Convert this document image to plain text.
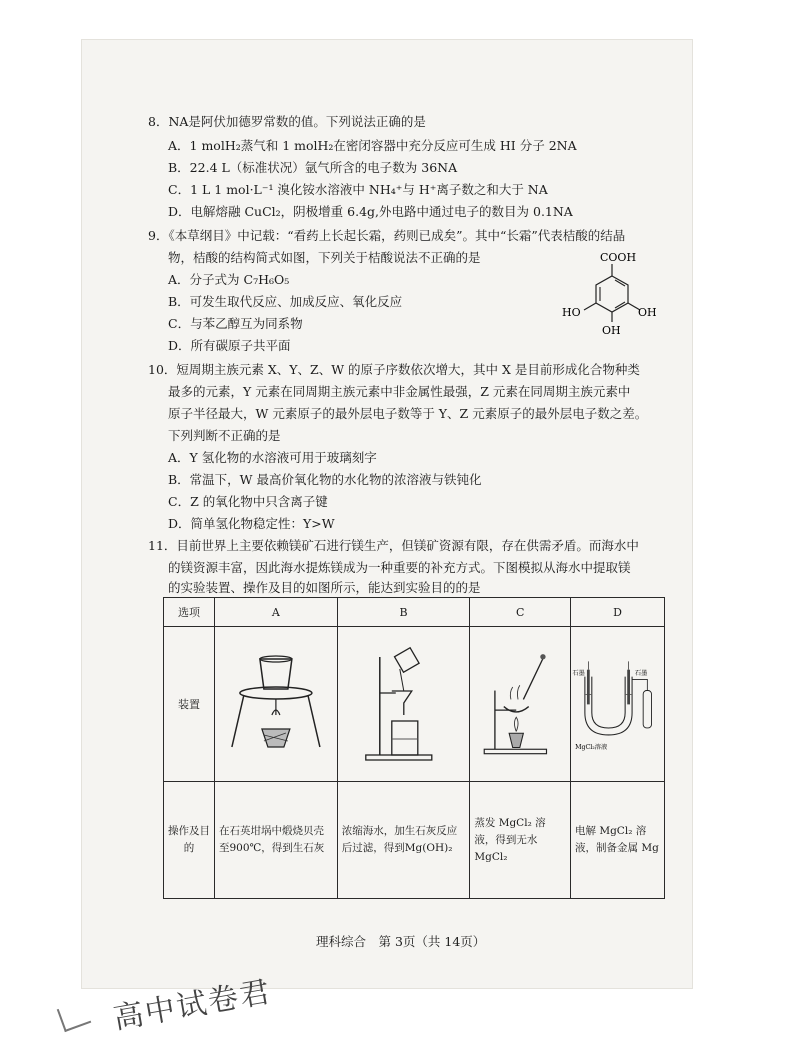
8．NA是阿伏加德罗常数的值。下列说法正确的是
A．1 molH₂蒸气和 1 molH₂在密闭容器中充分反应可生成 HI 分子 2NA
B．22.4 L（标准状况）氩气所含的电子数为 36NA
C．1 L 1 mol·L⁻¹ 溴化铵水溶液中 NH₄⁺与 H⁺离子数之和大于 NA
D．电解熔融 CuCl₂，阴极增重 6.4g,外电路中通过电子的数目为 0.1NA
9．《本草纲目》中记载：“看药上长起长霜，药则已成矣”。其中“长霜”代表桔酸的结晶
物，桔酸的结构简式如图，下列关于桔酸说法不正确的是
A．分子式为 C₇H₆O₅
B．可发生取代反应、加成反应、氧化反应
C．与苯乙醇互为同系物
D．所有碳原子共平面
COOH
HO	OH
OH
10．短周期主族元素 X、Y、Z、W 的原子序数依次增大，其中 X 是目前形成化合物种类
最多的元素，Y 元素在同周期主族元素中非金属性最强，Z 元素在同周期主族元素中
原子半径最大，W 元素原子的最外层电子数等于 Y、Z 元素原子的最外层电子数之差。
下列判断不正确的是
A．Y 氢化物的水溶液可用于玻璃刻字
B．常温下，W 最高价氧化物的水化物的浓溶液与铁钝化
C．Z 的氧化物中只含离子键
D．简单氢化物稳定性：Y>W
11．目前世界上主要依赖镁矿石进行镁生产，但镁矿资源有限，存在供需矛盾。而海水中
的镁资源丰富，因此海水提炼镁成为一种重要的补充方式。下图模拟从海水中提取镁
的实验装置、操作及目的如图所示，能达到实验目的的是
选项	A	B	C	D
装置				石墨 石墨
MgCl₂溶液

操作及目的	在石英坩埚中煅烧贝壳至900℃，得到生石灰	浓缩海水，加生石灰反应后过滤，得到Mg(OH)₂	蒸发 MgCl₂ 溶液，得到无水 MgCl₂	电解 MgCl₂ 溶液，制备金属 Mg
理科综合　第 3页（共 14页）
高中试卷君
